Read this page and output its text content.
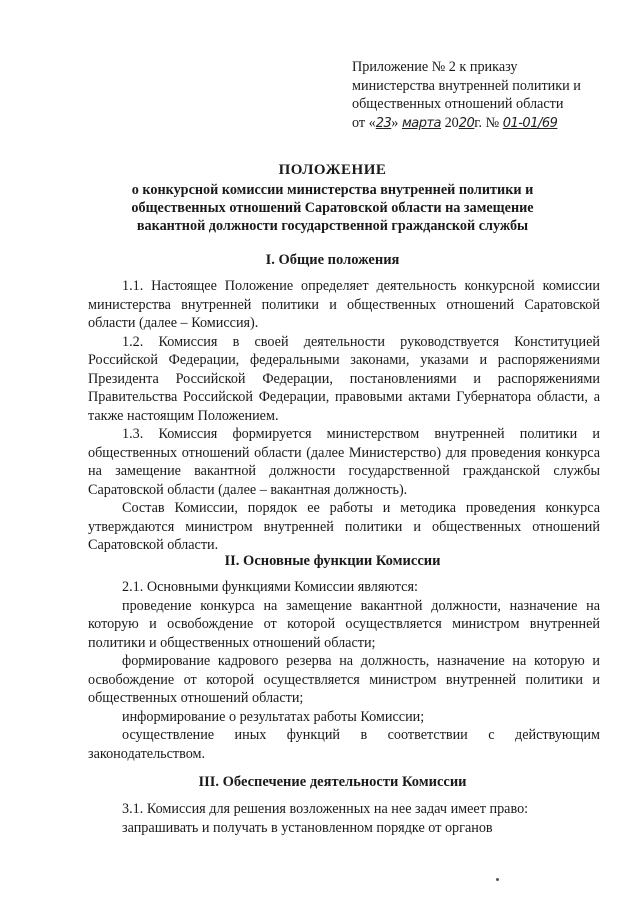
Приложение № 2 к приказу
министерства внутренней политики и
общественных отношений области
от «23» марта 2020г. № 01-01/69
ПОЛОЖЕНИЕ
о конкурсной комиссии министерства внутренней политики и
общественных отношений Саратовской области на замещение
вакантной должности государственной гражданской службы
I. Общие положения

1.1. Настоящее Положение определяет деятельность конкурсной комиссии министерства внутренней политики и общественных отношений Саратовской области (далее – Комиссия).

1.2. Комиссия в своей деятельности руководствуется Конституцией Российской Федерации, федеральными законами, указами и распоряжениями Президента Российской Федерации, постановлениями и распоряжениями Правительства Российской Федерации, правовыми актами Губернатора области, а также настоящим Положением.

1.3. Комиссия формируется министерством внутренней политики и общественных отношений области (далее Министерство) для проведения конкурса на замещение вакантной должности государственной гражданской службы Саратовской области (далее – вакантная должность).

Состав Комиссии, порядок ее работы и методика проведения конкурса утверждаются министром внутренней политики и общественных отношений Саратовской области.

II. Основные функции Комиссии

2.1. Основными функциями Комиссии являются:

проведение конкурса на замещение вакантной должности, назначение на которую и освобождение от которой осуществляется министром внутренней политики и общественных отношений области;

формирование кадрового резерва на должность, назначение на которую и освобождение от которой осуществляется министром внутренней политики и общественных отношений области;

информирование о результатах работы Комиссии;

осуществление иных функций в соответствии с действующим законодательством.

III. Обеспечение деятельности Комиссии

3.1. Комиссия для решения возложенных на нее задач имеет право:

запрашивать и получать в установленном порядке от органов
